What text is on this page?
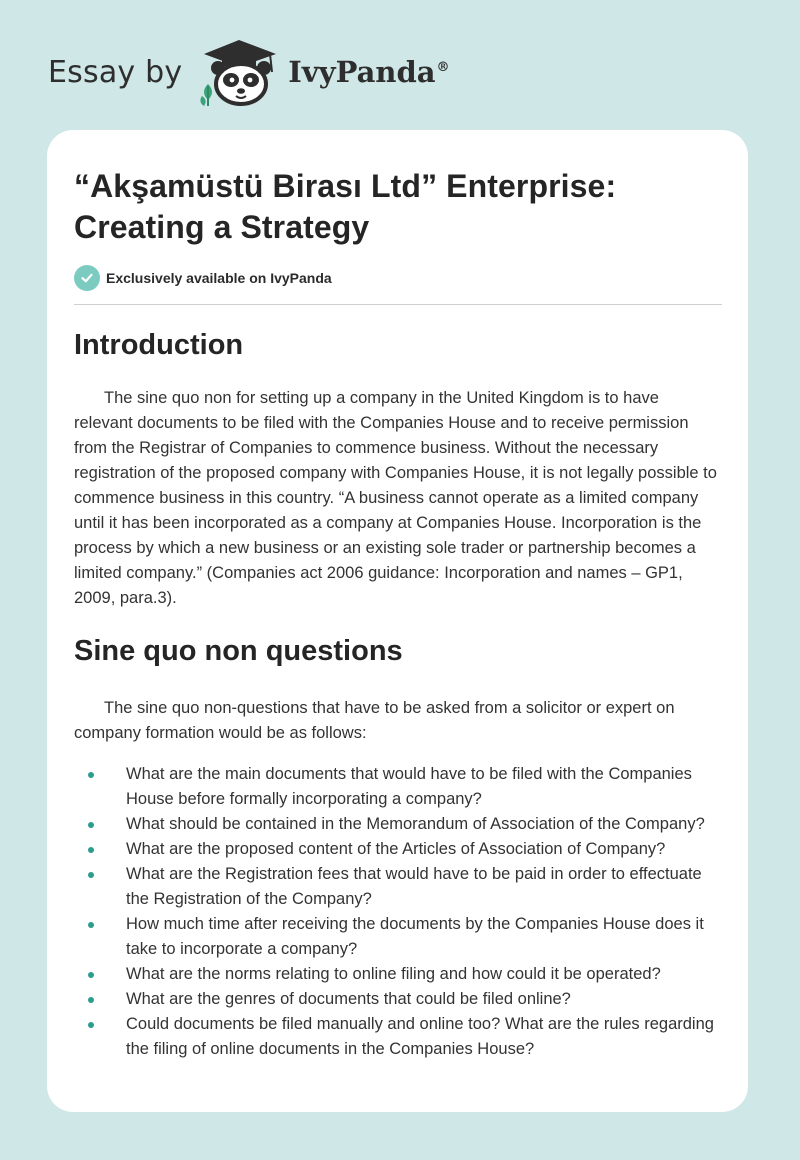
Essay by	IvyPanda®
“Akşamüstü Birası Ltd” Enterprise:
Creating a Strategy
Exclusively available on IvyPanda
Introduction

The sine quo non for setting up a company in the United Kingdom is to have relevant documents to be filed with the Companies House and to receive permission from the Registrar of Companies to commence business. Without the necessary registration of the proposed company with Companies House, it is not legally possible to commence business in this country. “A business cannot operate as a limited company until it has been incorporated as a company at Companies House. Incorporation is the process by which a new business or an existing sole trader or partnership becomes a limited company.” (Companies act 2006 guidance: Incorporation and names – GP1, 2009, para.3).

Sine quo non questions

The sine quo non-questions that have to be asked from a solicitor or expert on company formation would be as follows:

What are the main documents that would have to be filed with the Companies House before formally incorporating a company?
What should be contained in the Memorandum of Association of the Company?
What are the proposed content of the Articles of Association of Company?
What are the Registration fees that would have to be paid in order to effectuate the Registration of the Company?
How much time after receiving the documents by the Companies House does it take to incorporate a company?
What are the norms relating to online filing and how could it be operated?
What are the genres of documents that could be filed online?
Could documents be filed manually and online too? What are the rules regarding the filing of online documents in the Companies House?
